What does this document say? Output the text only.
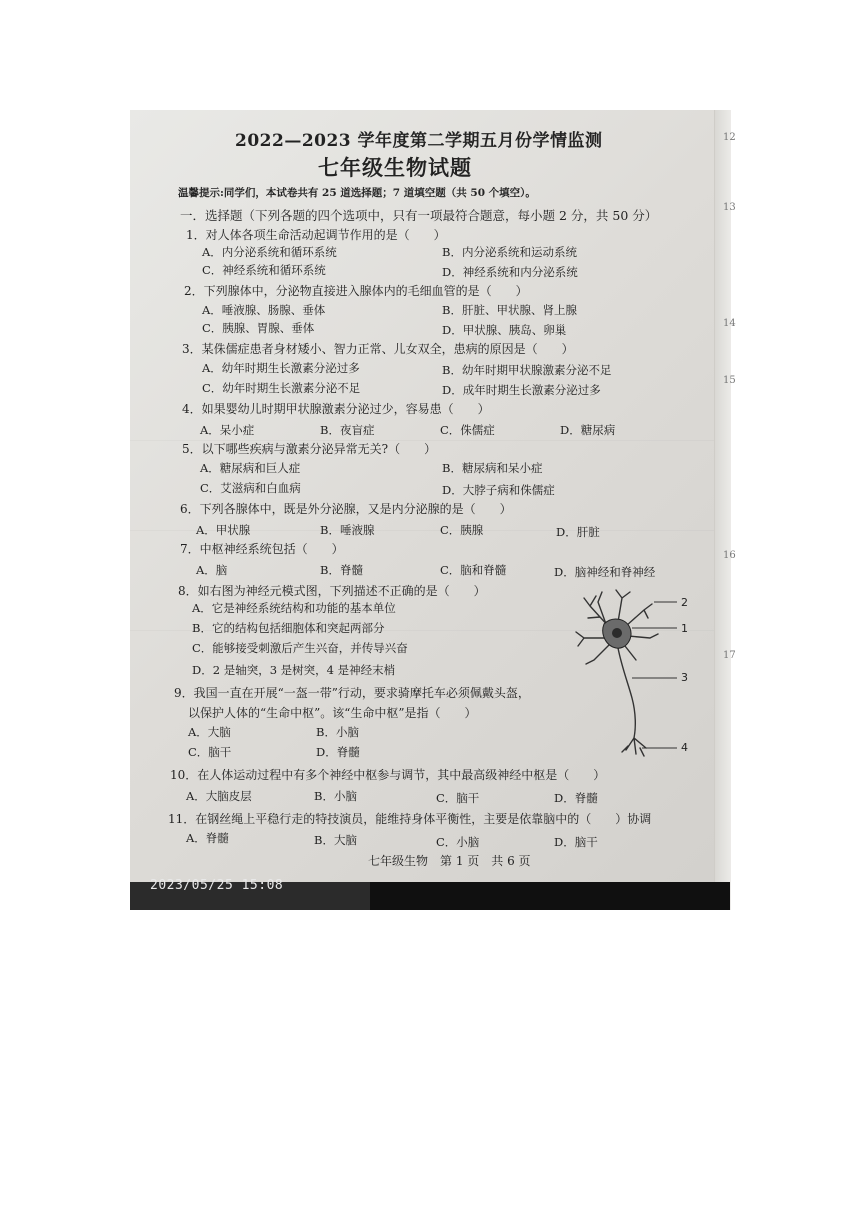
12
13
14
15
16
17
2022—2023 学年度第二学期五月份学情监测
七年级生物试题
温馨提示:同学们，本试卷共有 25 道选择题；7 道填空题（共 50 个填空）。
一．选择题（下列各题的四个选项中，只有一项最符合题意，每小题 2 分，共 50 分）
1．对人体各项生命活动起调节作用的是（　　）
A．内分泌系统和循环系统	B．内分泌系统和运动系统
C．神经系统和循环系统	D．神经系统和内分泌系统
2．下列腺体中，分泌物直接进入腺体内的毛细血管的是（　　）
A．唾液腺、肠腺、垂体	B．肝脏、甲状腺、肾上腺
C．胰腺、胃腺、垂体	D．甲状腺、胰岛、卵巢
3．某侏儒症患者身材矮小、智力正常、儿女双全，患病的原因是（　　）
A．幼年时期生长激素分泌过多	B．幼年时期甲状腺激素分泌不足
C．幼年时期生长激素分泌不足	D．成年时期生长激素分泌过多
4．如果婴幼儿时期甲状腺激素分泌过少，容易患（　　）
A．呆小症	B．夜盲症	C．侏儒症	D．糖尿病
5．以下哪些疾病与激素分泌异常无关?（　　）
A．糖尿病和巨人症	B．糖尿病和呆小症
C．艾滋病和白血病	D．大脖子病和侏儒症
6．下列各腺体中，既是外分泌腺，又是内分泌腺的是（　　）
A．甲状腺	B．唾液腺	C．胰腺	D．肝脏
7．中枢神经系统包括（　　）
A．脑	B．脊髓	C．脑和脊髓	D．脑神经和脊神经
8．如右图为神经元模式图，下列描述不正确的是（　　）
A．它是神经系统结构和功能的基本单位
B．它的结构包括细胞体和突起两部分
C．能够接受刺激后产生兴奋，并传导兴奋
D．2 是轴突，3 是树突，4 是神经末梢
9．我国一直在开展“一盔一带”行动，要求骑摩托车必须佩戴头盔，
以保护人体的“生命中枢”。该“生命中枢”是指（　　）
A．大脑	B．小脑
C．脑干	D．脊髓
10．在人体运动过程中有多个神经中枢参与调节，其中最高级神经中枢是（　　）
A．大脑皮层	B．小脑	C．脑干	D．脊髓
11．在钢丝绳上平稳行走的特技演员，能维持身体平衡性，主要是依靠脑中的（　　）协调
A．脊髓	B．大脑	C．小脑	D．脑干
2
1
3
4
七年级生物　第 1 页　共 6 页
2023/05/25 15:08
